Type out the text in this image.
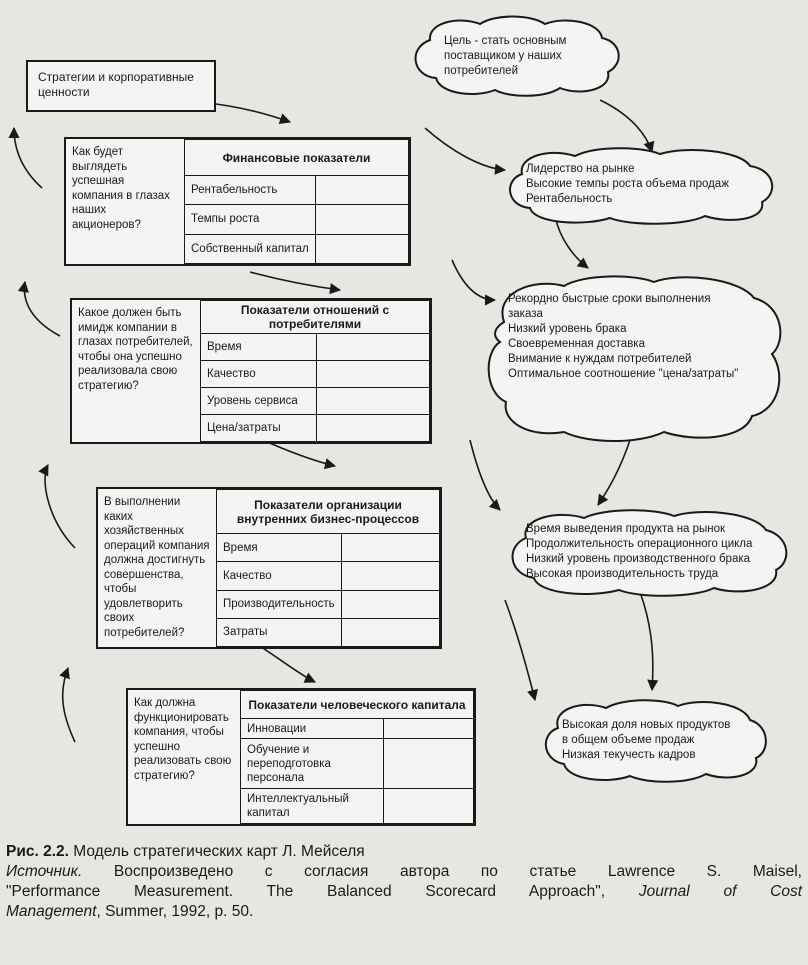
Цель - стать основным поставщиком у наших потребителей
Стратегии и корпоративные ценности
Как будет выглядеть успешная компания в глазах наших акционеров?
Финансовые показатели	
Рентабельность	
Темпы роста	
Собственный капитал	
Какое должен быть имидж компании в глазах потребителей, чтобы она успешно реализовала свою стратегию?
Показатели отношений с потребителями	
Время	
Качество	
Уровень сервиса	
Цена/затраты	
В выполнении каких хозяйственных операций компания должна достигнуть совершенства, чтобы удовлетворить своих потребителей?
Показатели организации внутренних бизнес-процессов	
Время	
Качество	
Производительность	
Затраты	
Как должна функционировать компания, чтобы успешно реализовать свою стратегию?
Показатели человеческого капитала	
Инновации	
Обучение и переподготовка персонала	
Интеллектуальный капитал	
Лидерство на рынке
Высокие темпы роста объема продаж
Рентабельность
Рекордно быстрые сроки выполнения
заказа
Низкий уровень брака
Своевременная доставка
Внимание к нуждам потребителей
Оптимальное соотношение "цена/затраты"
Время выведения продукта на рынок
Продолжительность операционного цикла
Низкий уровень производственного брака
Высокая производительность труда
Высокая доля новых продуктов
в общем объеме продаж
Низкая текучесть кадров
Рис. 2.2. Модель стратегических карт Л. Мейселя
Источник. Воспроизведено с согласия автора по статье Lawrence S. Maisel,
"Performance Measurement. The Balanced Scorecard Approach", Journal of Cost
Management, Summer, 1992, p. 50.
